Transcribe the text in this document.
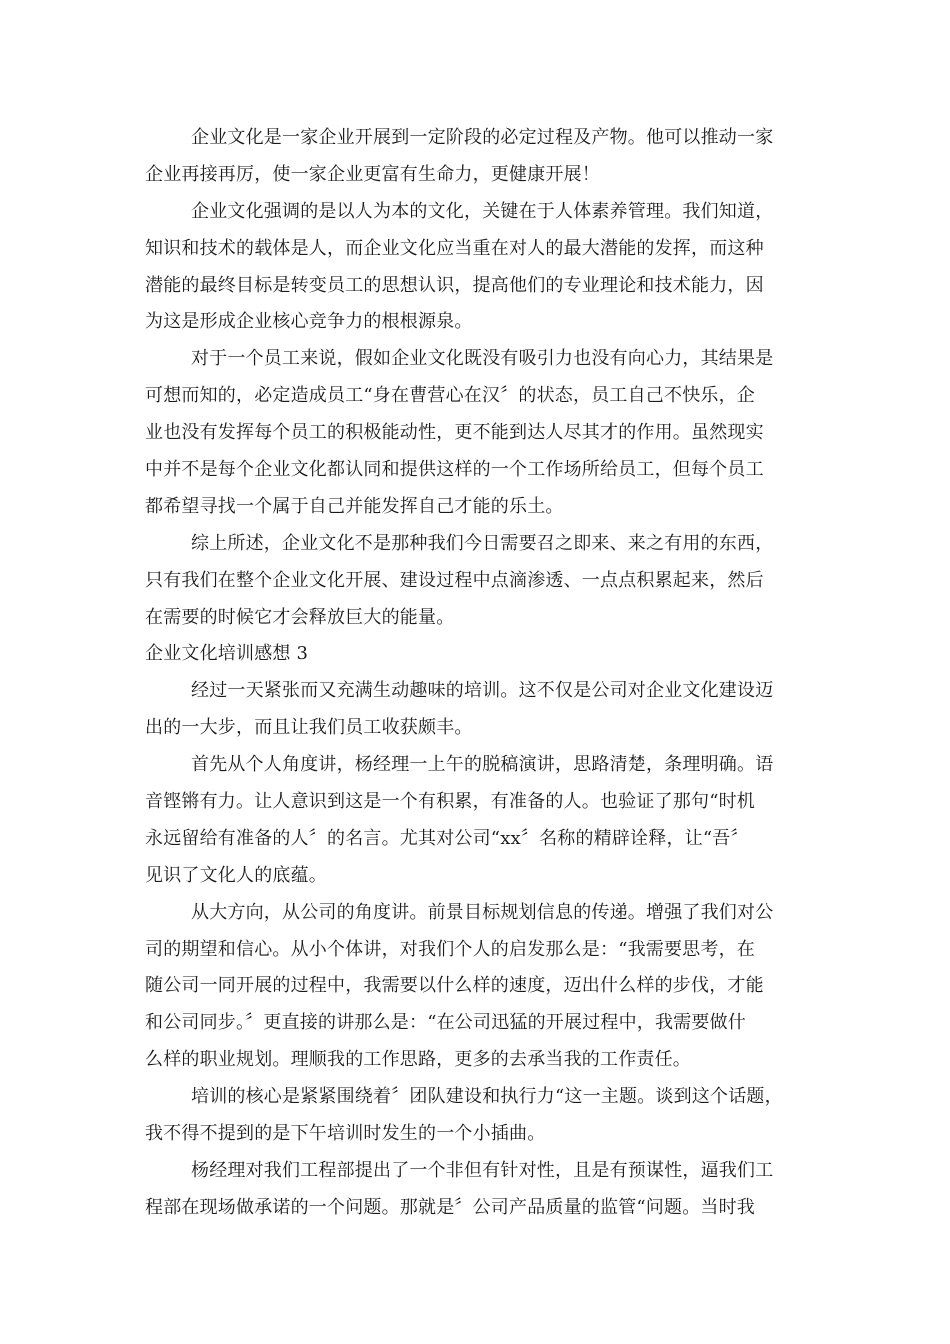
企业文化是一家企业开展到一定阶段的必定过程及产物。他可以推动一家
企业再接再厉，使一家企业更富有生命力，更健康开展！
企业文化强调的是以人为本的文化，关键在于人体素养管理。我们知道，
知识和技术的载体是人，而企业文化应当重在对人的最大潜能的发挥，而这种
潜能的最终目标是转变员工的思想认识，提高他们的专业理论和技术能力，因
为这是形成企业核心竞争力的根根源泉。
对于一个员工来说，假如企业文化既没有吸引力也没有向心力，其结果是
可想而知的，必定造成员工“身在曹营心在汉〞的状态，员工自己不快乐，企
业也没有发挥每个员工的积极能动性，更不能到达人尽其才的作用。虽然现实
中并不是每个企业文化都认同和提供这样的一个工作场所给员工，但每个员工
都希望寻找一个属于自己并能发挥自己才能的乐土。
综上所述，企业文化不是那种我们今日需要召之即来、来之有用的东西，
只有我们在整个企业文化开展、建设过程中点滴渗透、一点点积累起来，然后
在需要的时候它才会释放巨大的能量。
企业文化培训感想 3
经过一天紧张而又充满生动趣味的培训。这不仅是公司对企业文化建设迈
出的一大步，而且让我们员工收获颇丰。
首先从个人角度讲，杨经理一上午的脱稿演讲，思路清楚，条理明确。语
音铿锵有力。让人意识到这是一个有积累，有准备的人。也验证了那句“时机
永远留给有准备的人〞的名言。尤其对公司“xx〞名称的精辟诠释，让“吾〞
见识了文化人的底蕴。
从大方向，从公司的角度讲。前景目标规划信息的传递。增强了我们对公
司的期望和信心。从小个体讲，对我们个人的启发那么是：“我需要思考，在
随公司一同开展的过程中，我需要以什么样的速度，迈出什么样的步伐，才能
和公司同步。〞更直接的讲那么是：“在公司迅猛的开展过程中，我需要做什
么样的职业规划。理顺我的工作思路，更多的去承当我的工作责任。
培训的核心是紧紧围绕着〞团队建设和执行力“这一主题。谈到这个话题，
我不得不提到的是下午培训时发生的一个小插曲。
杨经理对我们工程部提出了一个非但有针对性，且是有预谋性，逼我们工
程部在现场做承诺的一个问题。那就是〞公司产品质量的监管“问题。当时我
